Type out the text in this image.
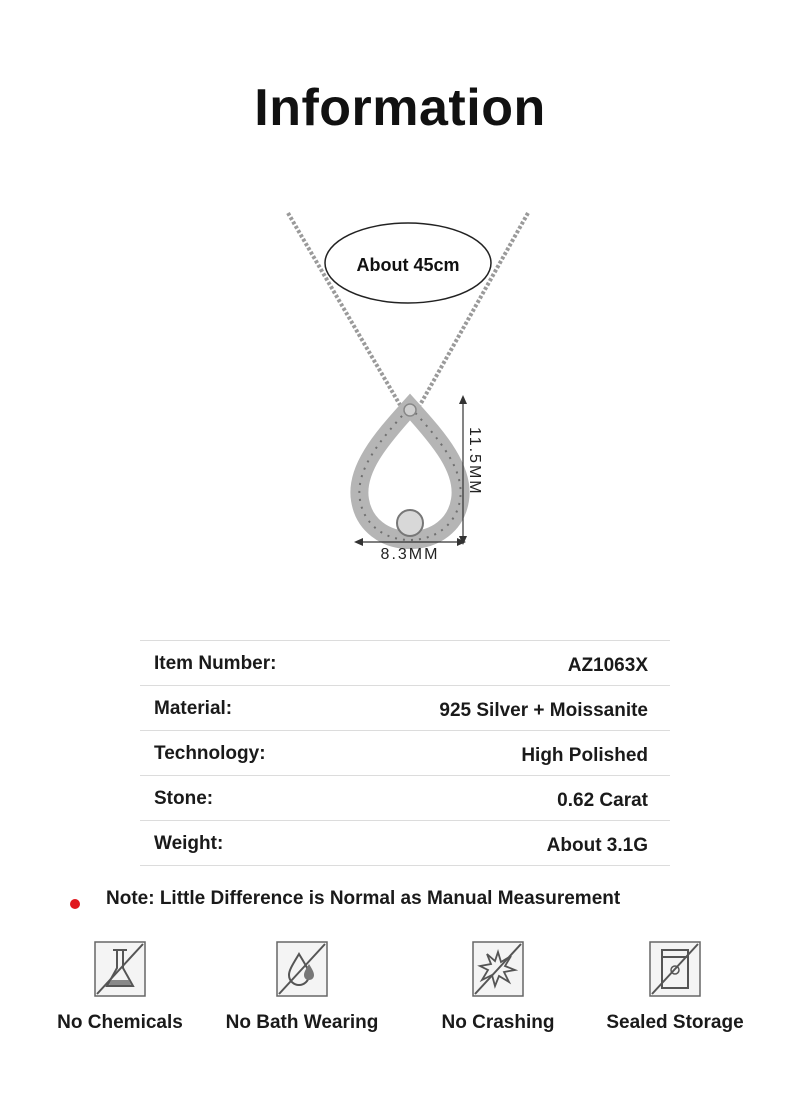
Information
About 45cm
11.5MM
8.3MM
Item Number:	AZ1063X
Material:	925 Silver + Moissanite
Technology:	High Polished
Stone:	0.62 Carat
Weight:	About 3.1G
Note: Little Difference is Normal as Manual Measurement
No Chemicals	No Bath Wearing	No Crashing	Sealed Storage
